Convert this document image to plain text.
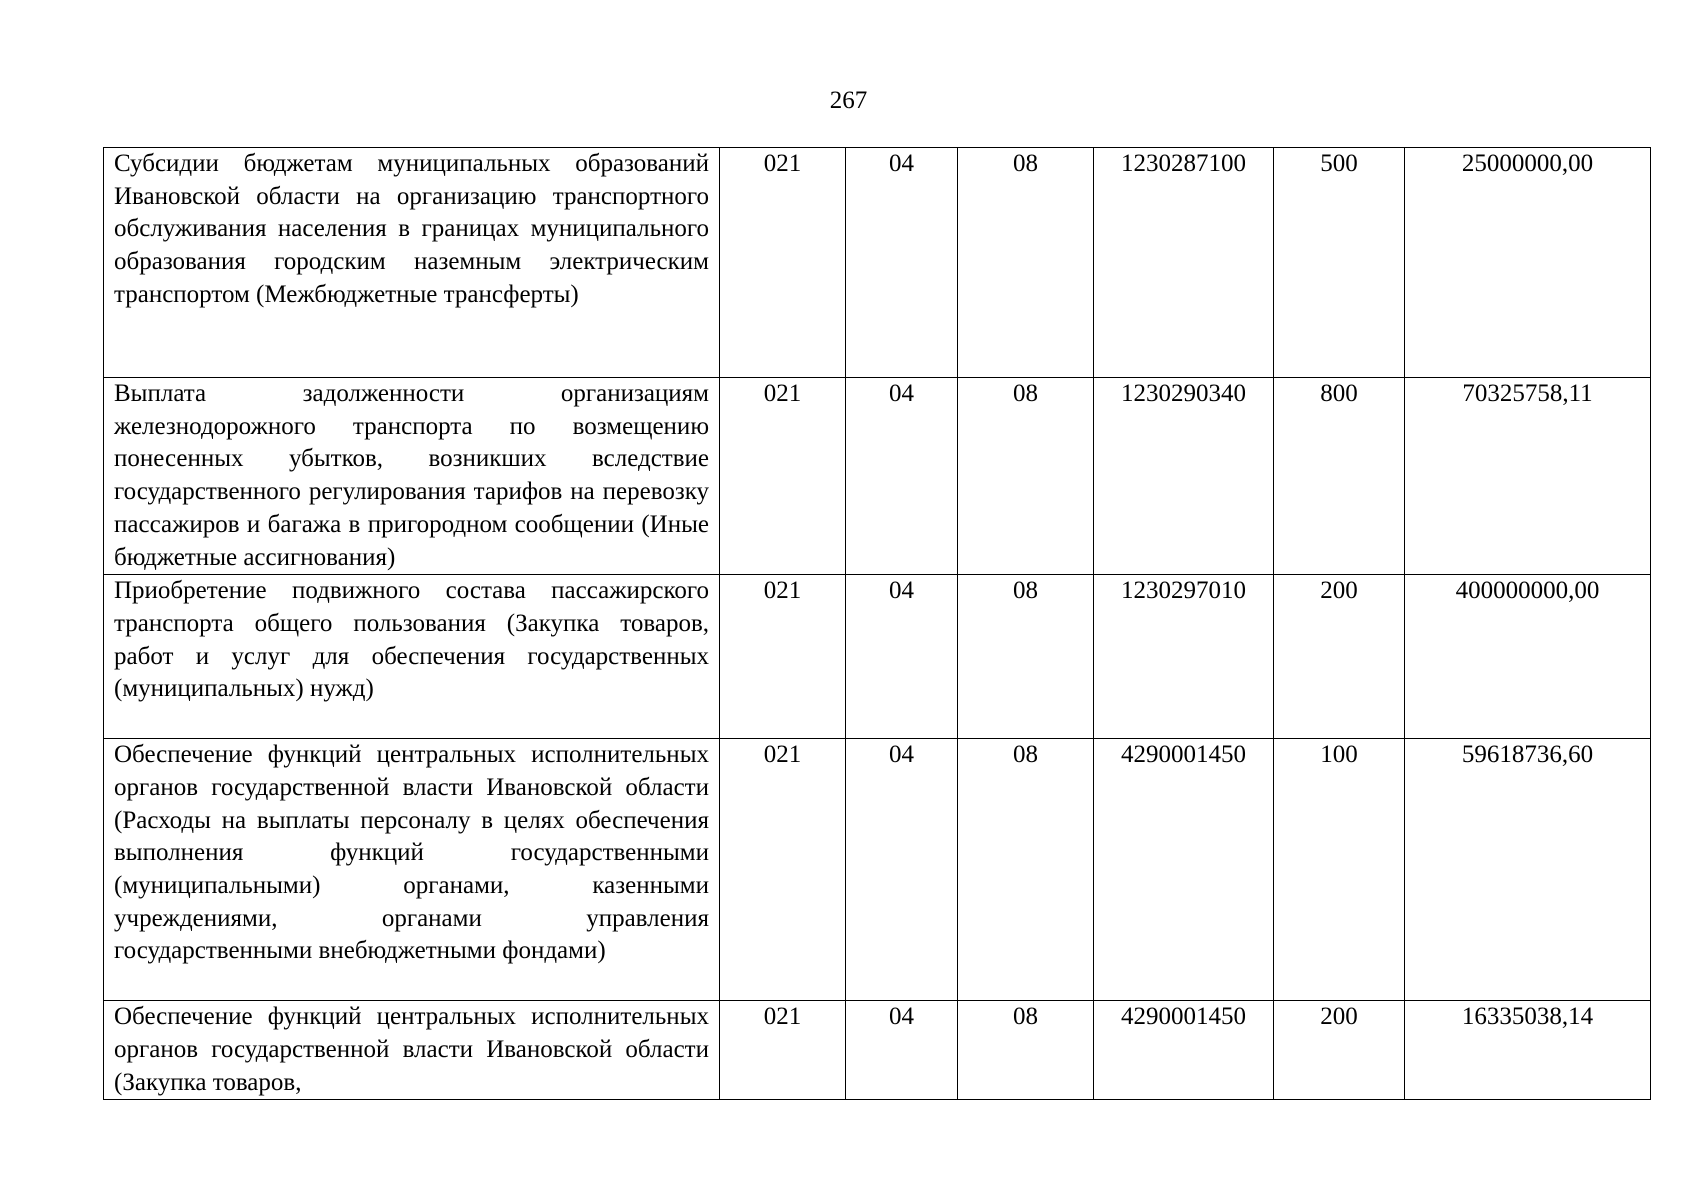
267
Субсидии бюджетам муниципальных образований Ивановской области на организацию транспортного обслуживания населения в границах муниципального образования городским наземным электрическим транспортом (Межбюджетные трансферты)	021	04	08	1230287100	500	25000000,00
Выплата задолженности организациям железнодорожного транспорта по возмещению понесенных убытков, возникших вследствие государственного регулирования тарифов на перевозку пассажиров и багажа в пригородном сообщении (Иные бюджетные ассигнования)	021	04	08	1230290340	800	70325758,11
Приобретение подвижного состава пассажирского транспорта общего пользования (Закупка товаров, работ и услуг для обеспечения государственных (муниципальных) нужд)	021	04	08	1230297010	200	400000000,00
Обеспечение функций центральных исполнительных органов государственной власти Ивановской области (Расходы на выплаты персоналу в целях обеспечения выполнения функций государственными (муниципальными) органами, казенными учреждениями, органами управления государственными внебюджетными фондами)	021	04	08	4290001450	100	59618736,60
Обеспечение функций центральных исполнительных органов государственной власти Ивановской области (Закупка товаров,	021	04	08	4290001450	200	16335038,14
